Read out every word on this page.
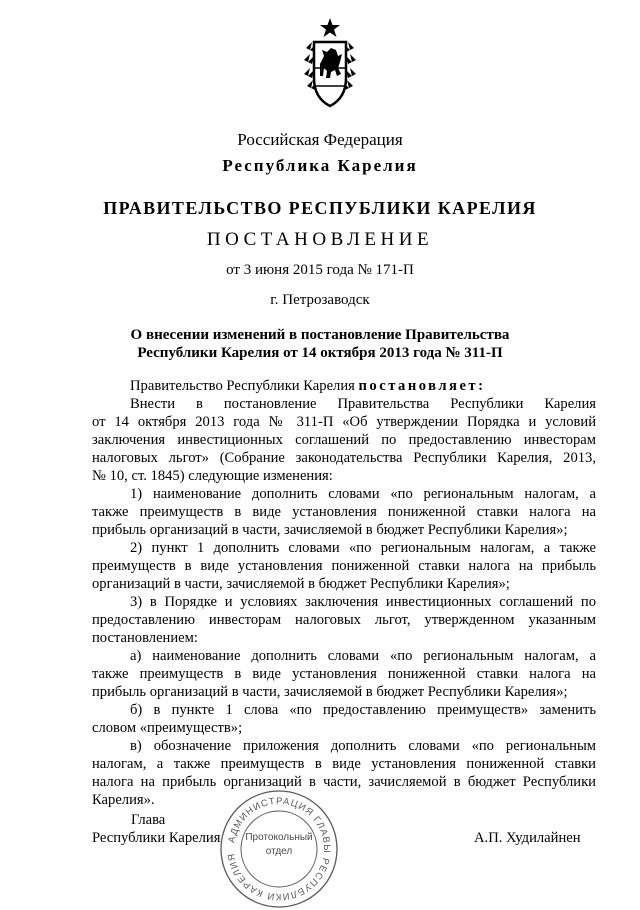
Российская Федерация
Республика Карелия
ПРАВИТЕЛЬСТВО РЕСПУБЛИКИ КАРЕЛИЯ
ПОСТАНОВЛЕНИЕ
от 3 июня 2015 года № 171-П
г. Петрозаводск
О внесении изменений в постановление Правительства
Республики Карелия от 14 октября 2013 года № 311-П
Правительство Республики Карелия постановляет:
Внести в постановление Правительства Республики Карелия
от 14 октября 2013 года № 311-П «Об утверждении Порядка и условий
заключения инвестиционных соглашений по предоставлению инвесторам
налоговых льгот» (Собрание законодательства Республики Карелия, 2013,
№ 10, ст. 1845) следующие изменения:
1) наименование дополнить словами «по региональным налогам, а
также преимуществ в виде установления пониженной ставки налога на
прибыль организаций в части, зачисляемой в бюджет Республики Карелия»;
2) пункт 1 дополнить словами «по региональным налогам, а также
преимуществ в виде установления пониженной ставки налога на прибыль
организаций в части, зачисляемой в бюджет Республики Карелия»;
3) в Порядке и условиях заключения инвестиционных соглашений по
предоставлению инвесторам налоговых льгот, утвержденном указанным
постановлением:
а) наименование дополнить словами «по региональным налогам, а
также преимуществ в виде установления пониженной ставки налога на
прибыль организаций в части, зачисляемой в бюджет Республики Карелия»;
б) в пункте 1 слова «по предоставлению преимуществ» заменить
словом «преимуществ»;
в) обозначение приложения дополнить словами «по региональным
налогам, а также преимуществ в виде установления пониженной ставки
налога на прибыль организаций в части, зачисляемой в бюджет Республики
Карелия».
Глава
Республики Карелия	А.П. Худилайнен
АДМИНИСТРАЦИЯ ГЛАВЫ РЕСПУБЛИКИ КАРЕЛИЯ
Протокольный
отдел
